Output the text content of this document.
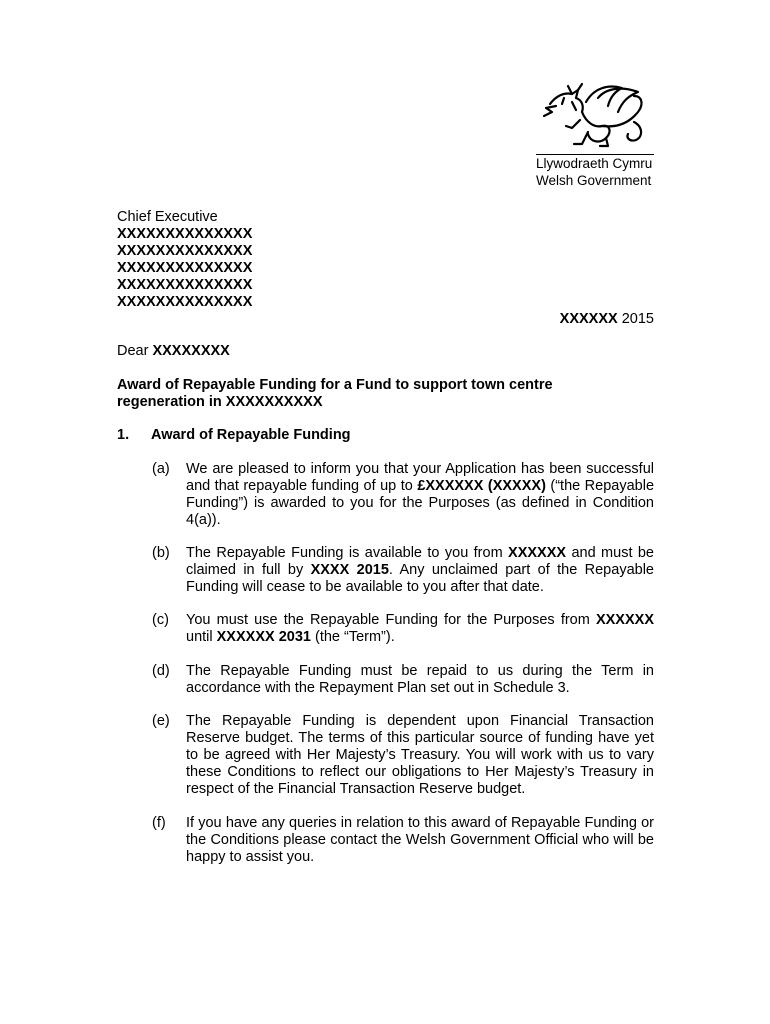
Llywodraeth Cymru
Welsh Government
Chief Executive
XXXXXXXXXXXXXX
XXXXXXXXXXXXXX
XXXXXXXXXXXXXX
XXXXXXXXXXXXXX
XXXXXXXXXXXXXX
XXXXXX 2015
Dear XXXXXXXX
Award of Repayable Funding for a Fund to support town centre regeneration in XXXXXXXXXX
1. Award of Repayable Funding
(a) We are pleased to inform you that your Application has been successful and that repayable funding of up to £XXXXXX (XXXXX) (“the Repayable Funding”) is awarded to you for the Purposes (as defined in Condition 4(a)).
(b) The Repayable Funding is available to you from XXXXXX and must be claimed in full by XXXX 2015. Any unclaimed part of the Repayable Funding will cease to be available to you after that date.
(c) You must use the Repayable Funding for the Purposes from XXXXXX until XXXXXX 2031 (the “Term”).
(d) The Repayable Funding must be repaid to us during the Term in accordance with the Repayment Plan set out in Schedule 3.
(e) The Repayable Funding is dependent upon Financial Transaction Reserve budget. The terms of this particular source of funding have yet to be agreed with Her Majesty’s Treasury. You will work with us to vary these Conditions to reflect our obligations to Her Majesty’s Treasury in respect of the Financial Transaction Reserve budget.
(f) If you have any queries in relation to this award of Repayable Funding or the Conditions please contact the Welsh Government Official who will be happy to assist you.
